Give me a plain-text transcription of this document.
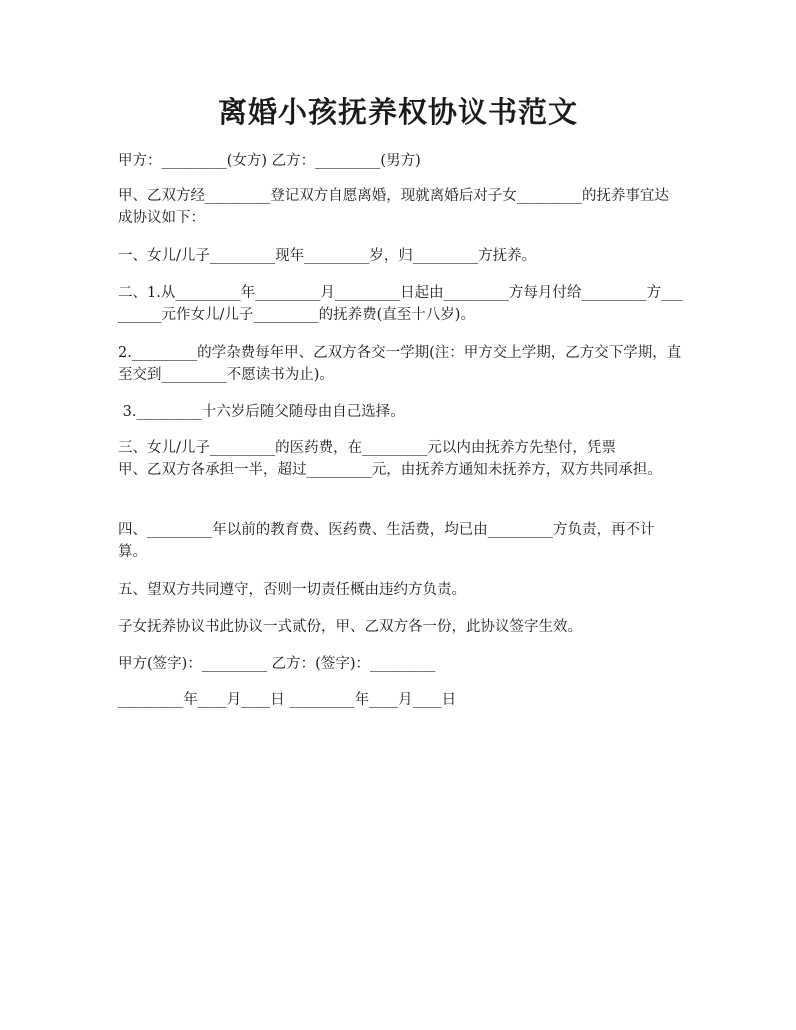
离婚小孩抚养权协议书范文
甲方：_________(女方) 乙方：_________(男方)
甲、乙双方经_________登记双方自愿离婚，现就离婚后对子女_________的抚养事宜达成协议如下：
一、女儿/儿子_________现年_________岁，归_________方抚养。
二、1.从_________年_________月_________日起由_________方每月付给_________方_________元作女儿/儿子_________的抚养费(直至十八岁)。
2._________的学杂费每年甲、乙双方各交一学期(注：甲方交上学期，乙方交下学期，直至交到_________不愿读书为止)。
3._________十六岁后随父随母由自己选择。
三、女儿/儿子_________的医药费，在_________元以内由抚养方先垫付，凭票
甲、乙双方各承担一半，超过_________元，由抚养方通知未抚养方，双方共同承担。
四、_________年以前的教育费、医药费、生活费，均已由_________方负责，再不计算。
五、望双方共同遵守，否则一切责任概由违约方负责。
子女抚养协议书此协议一式贰份，甲、乙双方各一份，此协议签字生效。
甲方(签字)：_________ 乙方：(签字)：_________
_________年____月____日 _________年____月____日
